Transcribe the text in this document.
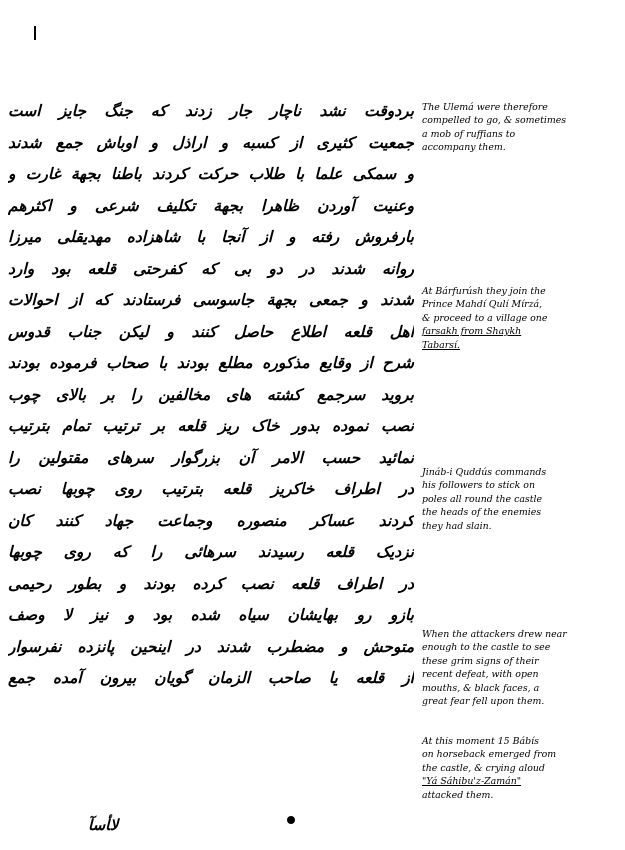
بردوقت نشد ناچار جار زدند که جنگ جایز است
جمعیت کثیری از کسبه و اراذل و اوباش جمع شدند
و سمکی علما با طلاب حرکت کردند باطنا بجهة غارت و
وعنیت آوردن ظاهرا بجهة تکلیف شرعی و اکثرهم
بارفروش رفته و از آنجا با شاهزاده مهدیقلی میرزا
روانه شدند در دو بی که کفرحتی قلعه بود وارد
شدند و جمعی بجهة جاسوسی فرستادند که از احوالات
اهل قلعه اطلاع حاصل کنند و لیکن جناب قدوس
شرح از وقایع مذکوره مطلع بودند با صحاب فرموده بودند
بروید سرجمع کشته های مخالفین را بر بالای چوب
نصب نموده بدور خاک ریز قلعه بر ترتیب تمام بترتیب
نمائید حسب الامر آن بزرگوار سرهای مقتولین را
در اطراف خاکریز قلعه بترتیب روی چوبها نصب
کردند عساکر منصوره وجماعت جهاد کنند کان
نزدیک قلعه رسیدند سرهائی را که روی چوبها
در اطراف قلعه نصب کرده بودند و بطور رحیمی
بازو رو بهایشان سیاه شده بود و نیز لا وصف
متوحش و مضطرب شدند در اینحین پانزده نفرسوار
از قلعه یا صاحب الزمان گویان بیرون آمده جمع
The Ulemá were therefore
compelled to go, & sometimes
a mob of ruffians to
accompany them.
At Bárfurúsh they join the
Prince Mahdí Qulí Mírzá,
& proceed to a village one
farsakh from Shaykh
Tabarsí.
Jináb-i Quddús commands
his followers to stick on
poles all round the castle
the heads of the enemies
they had slain.
When the attackers drew near
enough to the castle to see
these grim signs of their
recent defeat, with open
mouths, & black faces, a
great fear fell upon them.
At this moment 15 Bábís
on horseback emerged from
the castle, & crying aloud
"Yá Sáhibu'z-Zamán"
attacked them.
ﻻﺄﺳﺂ
